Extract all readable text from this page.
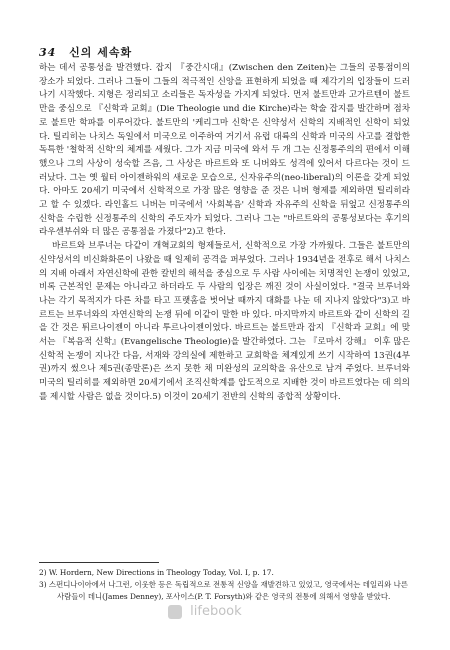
34 신의 세속화

하는 데서 공통성을 발견했다. 잡지 『중간시대』(Zwischen den Zeiten)는 그들의 공통점이의 장소가 되었다. 그러나 그들이 그들의 적극적인 신앙을 표현하게 되었을 때 제각기의 입장들이 드러나기 시작했다. 지형은 정리되고 소리들은 독자성을 가지게 되었다. 먼저 불트만과 고가르텐이 불트만을 중심으로 『신학과 교회』(Die Theologie und die Kirche)라는 학술 잡지를 발간하며 점차로 불트만 학파를 이루어갔다. 불트만의 '케리그마 신학'은 신약성서 신학의 지배적인 신학이 되었다. 틸리히는 나치스 독일에서 미국으로 이주하여 거기서 유럽 대륙의 신학과 미국의 사고를 결합한 독특한 '철학적 신학'의 체계를 세웠다. 그가 지금 미국에 와서 두 개 그는 신정통주의의 편에서 이해했으나 그의 사상이 성숙할 즈음, 그 사상은 바르트와 또 니버와도 성격에 있어서 다르다는 것이 드러났다. 그는 옛 월터 아이젠하워의 새로운 모습으로, 신자유주의(neo-liberal)의 이론을 갖게 되었다. 아마도 20세기 미국에서 신학적으로 가장 많은 영향을 준 것은 니버 형제를 제외하면 틸리히라고 할 수 있겠다. 라인홀드 니버는 미국에서 '사회복음' 신학과 자유주의 신학을 뒤엎고 신정통주의 신학을 수립한 신정통주의 신학의 주도자가 되었다. 그러나 그는 "바르트와의 공통성보다는 후기의 라우센부쉬와 더 많은 공통점을 가졌다"2)고 한다.

바르트와 브루너는 다같이 개혁교회의 형제들로서, 신학적으로 가장 가까웠다. 그들은 불트만의 신약성서의 비신화화론이 나왔을 때 일제히 공격을 퍼부었다. 그러나 1934년을 전후로 해서 나치스의 지배 아래서 자연신학에 관한 칼빈의 해석을 중심으로 두 사람 사이에는 치명적인 논쟁이 있었고, 비록 근본적인 문제는 아니라고 하더라도 두 사람의 입장은 깨진 것이 사실이었다. "결국 브루너와 나는 각기 목적지가 다른 차를 타고 프랫홈을 벗어날 때까지 대화를 나눈 데 지나지 않았다"3)고 바르트는 브루너와의 자연신학의 논쟁 뒤에 이같이 말한 바 있다. 마지막까지 바르트와 같이 신학의 길을 간 것은 튀르나이젠이 아니라 투르나이젠이었다. 바르트는 불트만과 잡지 『신학과 교회』에 맞서는 『복음적 신학』(Evangelische Theologie)을 발간하였다. 그는 『로마서 강해』 이후 많은 신학적 논쟁이 지나간 다음, 서재와 강의실에 제한하고 교회학을 체계있게 쓰기 시작하여 13권(4부 권)까지 썼으나 제5권(종말론)은 쓰지 못한 채 미완성의 교의학을 유산으로 남겨 주었다. 브루너와 미국의 틸리히를 제외하면 20세기에서 조직신학계를 압도적으로 지배한 것이 바르트였다는 데 의의를 제시할 사람은 없을 것이다.5) 이것이 20세기 전반의 신학의 종합적 상황이다.

2) W. Hordern, New Directions in Theology Today, Vol. I, p. 17.

3) 스펀디나이아에서 나그런, 이웃한 등은 독립적으로 전통적 신앙을 재발견하고 있었고, 영국에서는 데일리와 나른 사람들이 데니(James Denney), 포사이스(P. T. Forsyth)와 같은 영국의 전통에 의해서 영향을 받았다.

lifebook
